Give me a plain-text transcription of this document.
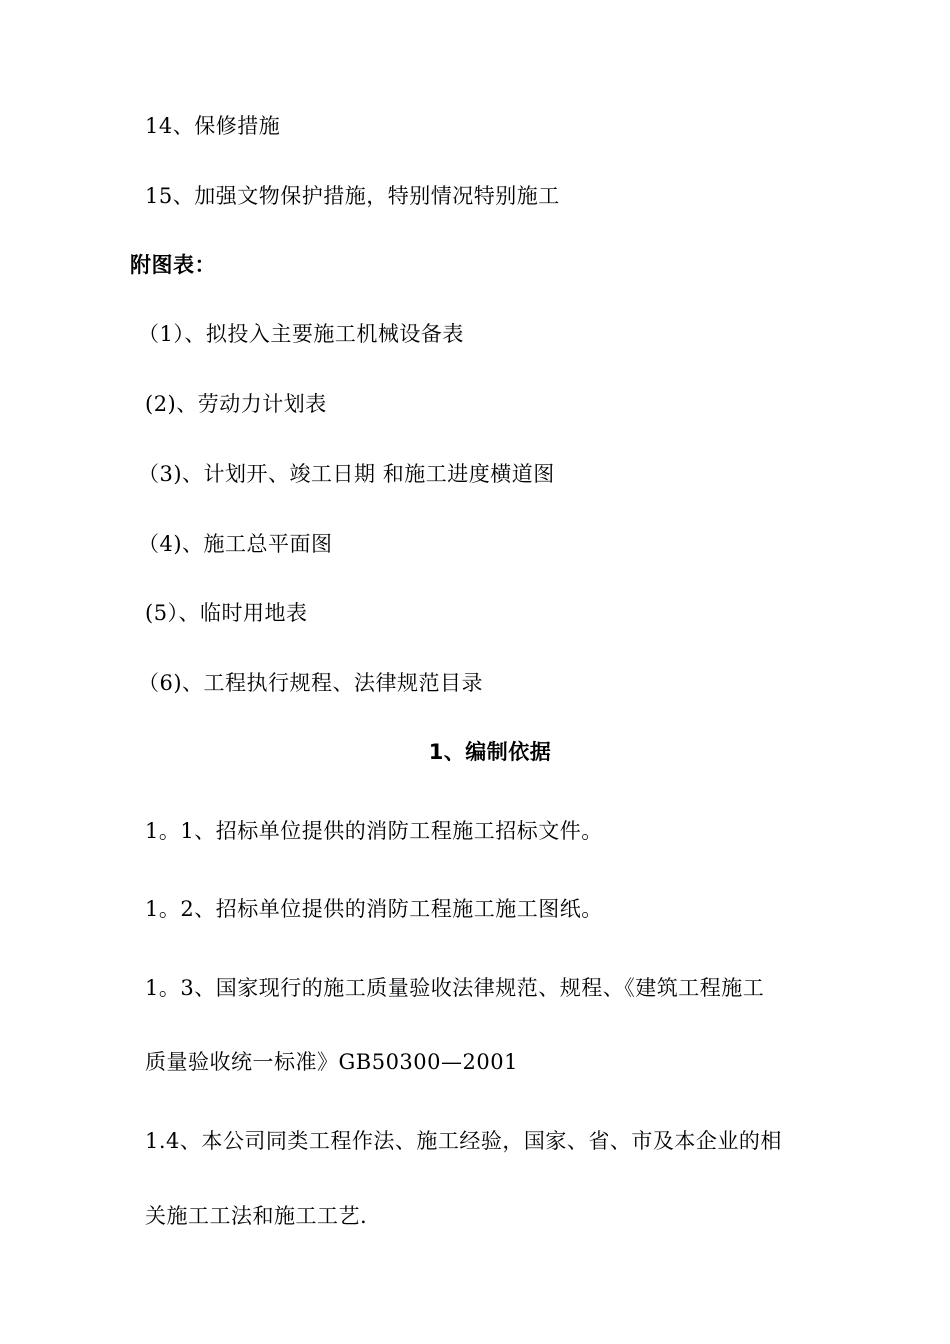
14、保修措施
15、加强文物保护措施，特别情况特别施工
附图表：
（1）、拟投入主要施工机械设备表
(2)、劳动力计划表
（3)、计划开、竣工日期 和施工进度横道图
（4)、施工总平面图
(5）、临时用地表
（6)、工程执行规程、法律规范目录
1、编制依据
1。1、招标单位提供的消防工程施工招标文件。
1。2、招标单位提供的消防工程施工施工图纸。
1。3、国家现行的施工质量验收法律规范、规程、《建筑工程施工
质量验收统一标准》GB50300—2001
1.4、本公司同类工程作法、施工经验，国家、省、市及本企业的相
关施工工法和施工工艺.
